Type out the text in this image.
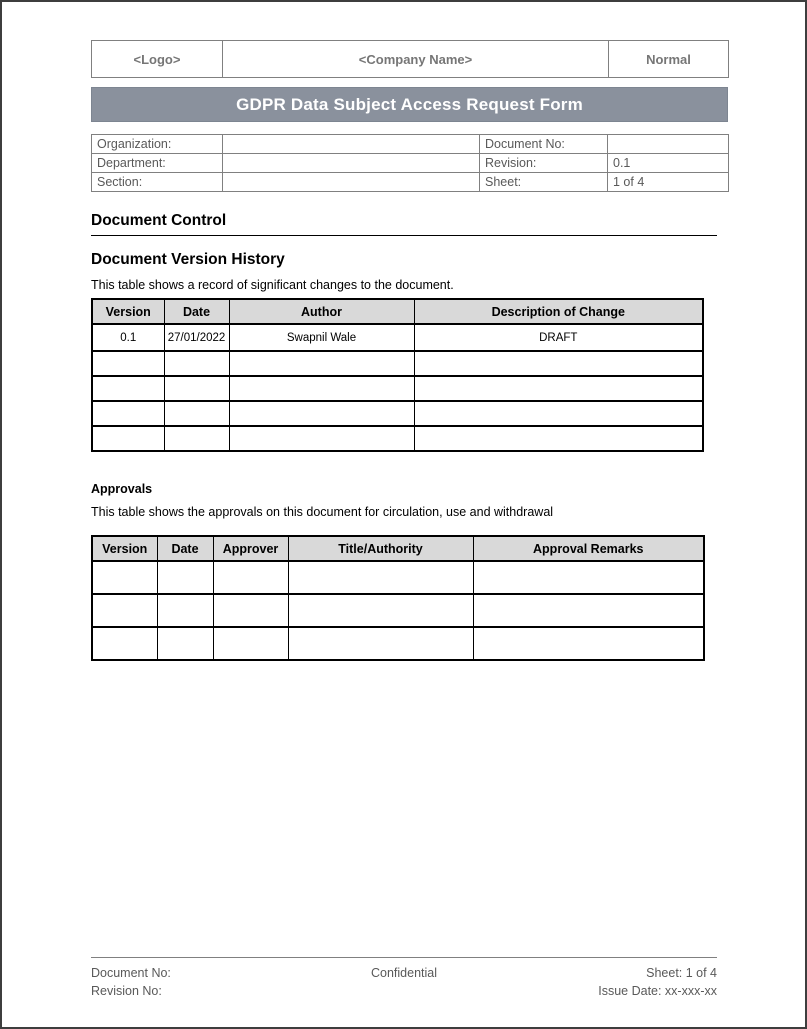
<Logo>	<Company Name>	Normal
GDPR Data Subject Access Request Form
Organization:		Document No:	
Department:		Revision:	0.1
Section:		Sheet:	1 of 4
Document Control
Document Version History
This table shows a record of significant changes to the document.
Version	Date	Author	Description of Change
0.1	27/01/2022	Swapnil Wale	DRAFT

Approvals
This table shows the approvals on this document for circulation, use and withdrawal
Version	Date	Approver	Title/Authority	Approval Remarks

Document No:	Confidential	Sheet: 1 of 4
Revision No:	Issue Date: xx-xxx-xx
